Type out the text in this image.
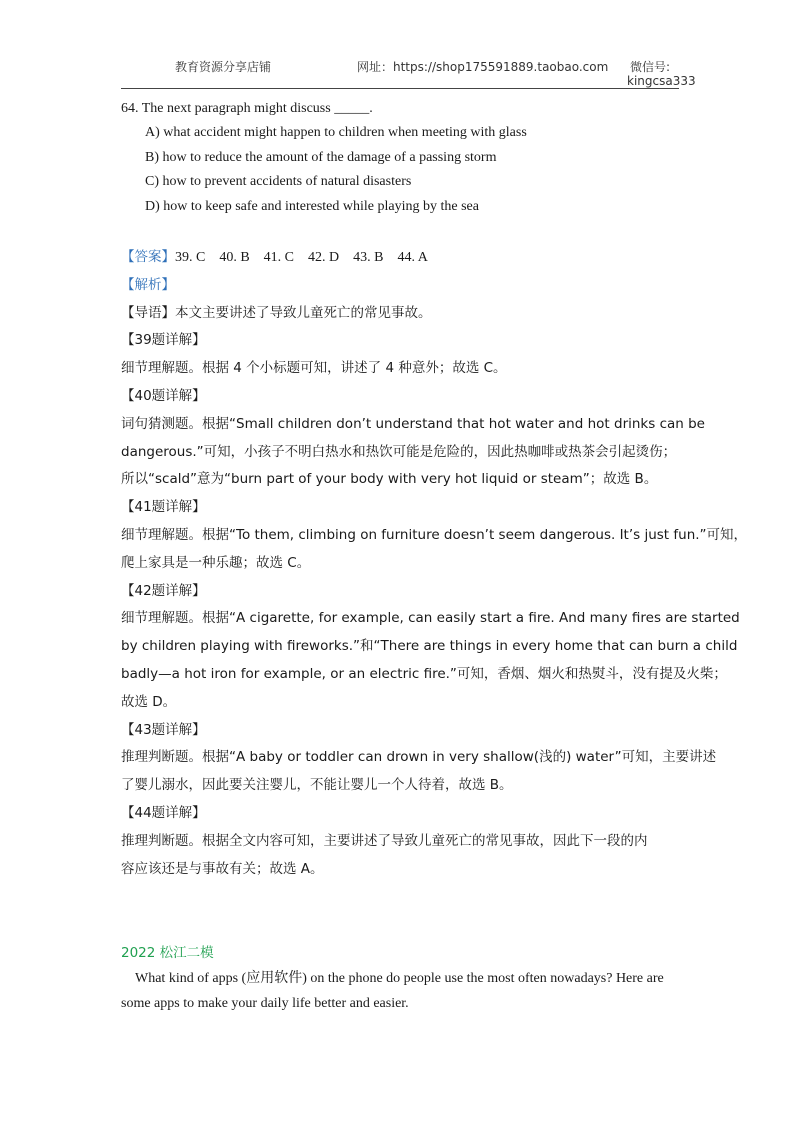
教育资源分享店铺	网址：https://shop175591889.taobao.com 微信号:
kingcsa333
64. The next paragraph might discuss _____.
A) what accident might happen to children when meeting with glass
B) how to reduce the amount of the damage of a passing storm
C) how to prevent accidents of natural disasters
D) how to keep safe and interested while playing by the sea
【答案】39. C    40. B    41. C    42. D    43. B    44. A
【解析】
【导语】本文主要讲述了导致儿童死亡的常见事故。
【39题详解】
细节理解题。根据 4 个小标题可知，讲述了 4 种意外；故选 C。
【40题详解】
词句猜测题。根据“Small children don’t understand that hot water and hot drinks can be
dangerous.”可知，小孩子不明白热水和热饮可能是危险的，因此热咖啡或热茶会引起烫伤；
所以“scald”意为“burn part of your body with very hot liquid or steam”；故选 B。
【41题详解】
细节理解题。根据“To them, climbing on furniture doesn’t seem dangerous. It’s just fun.”可知，
爬上家具是一种乐趣；故选 C。
【42题详解】
细节理解题。根据“A cigarette, for example, can easily start a fire. And many fires are started
by children playing with fireworks.”和“There are things in every home that can burn a child
badly—a hot iron for example, or an electric fire.”可知，香烟、烟火和热熨斗，没有提及火柴；
故选 D。
【43题详解】
推理判断题。根据“A baby or toddler can drown in very shallow(浅的) water”可知，主要讲述
了婴儿溺水，因此要关注婴儿，不能让婴儿一个人待着，故选 B。
【44题详解】
推理判断题。根据全文内容可知，主要讲述了导致儿童死亡的常见事故，因此下一段的内
容应该还是与事故有关；故选 A。
2022 松江二模
What kind of apps (应用软件) on the phone do people use the most often nowadays? Here are
some apps to make your daily life better and easier.
